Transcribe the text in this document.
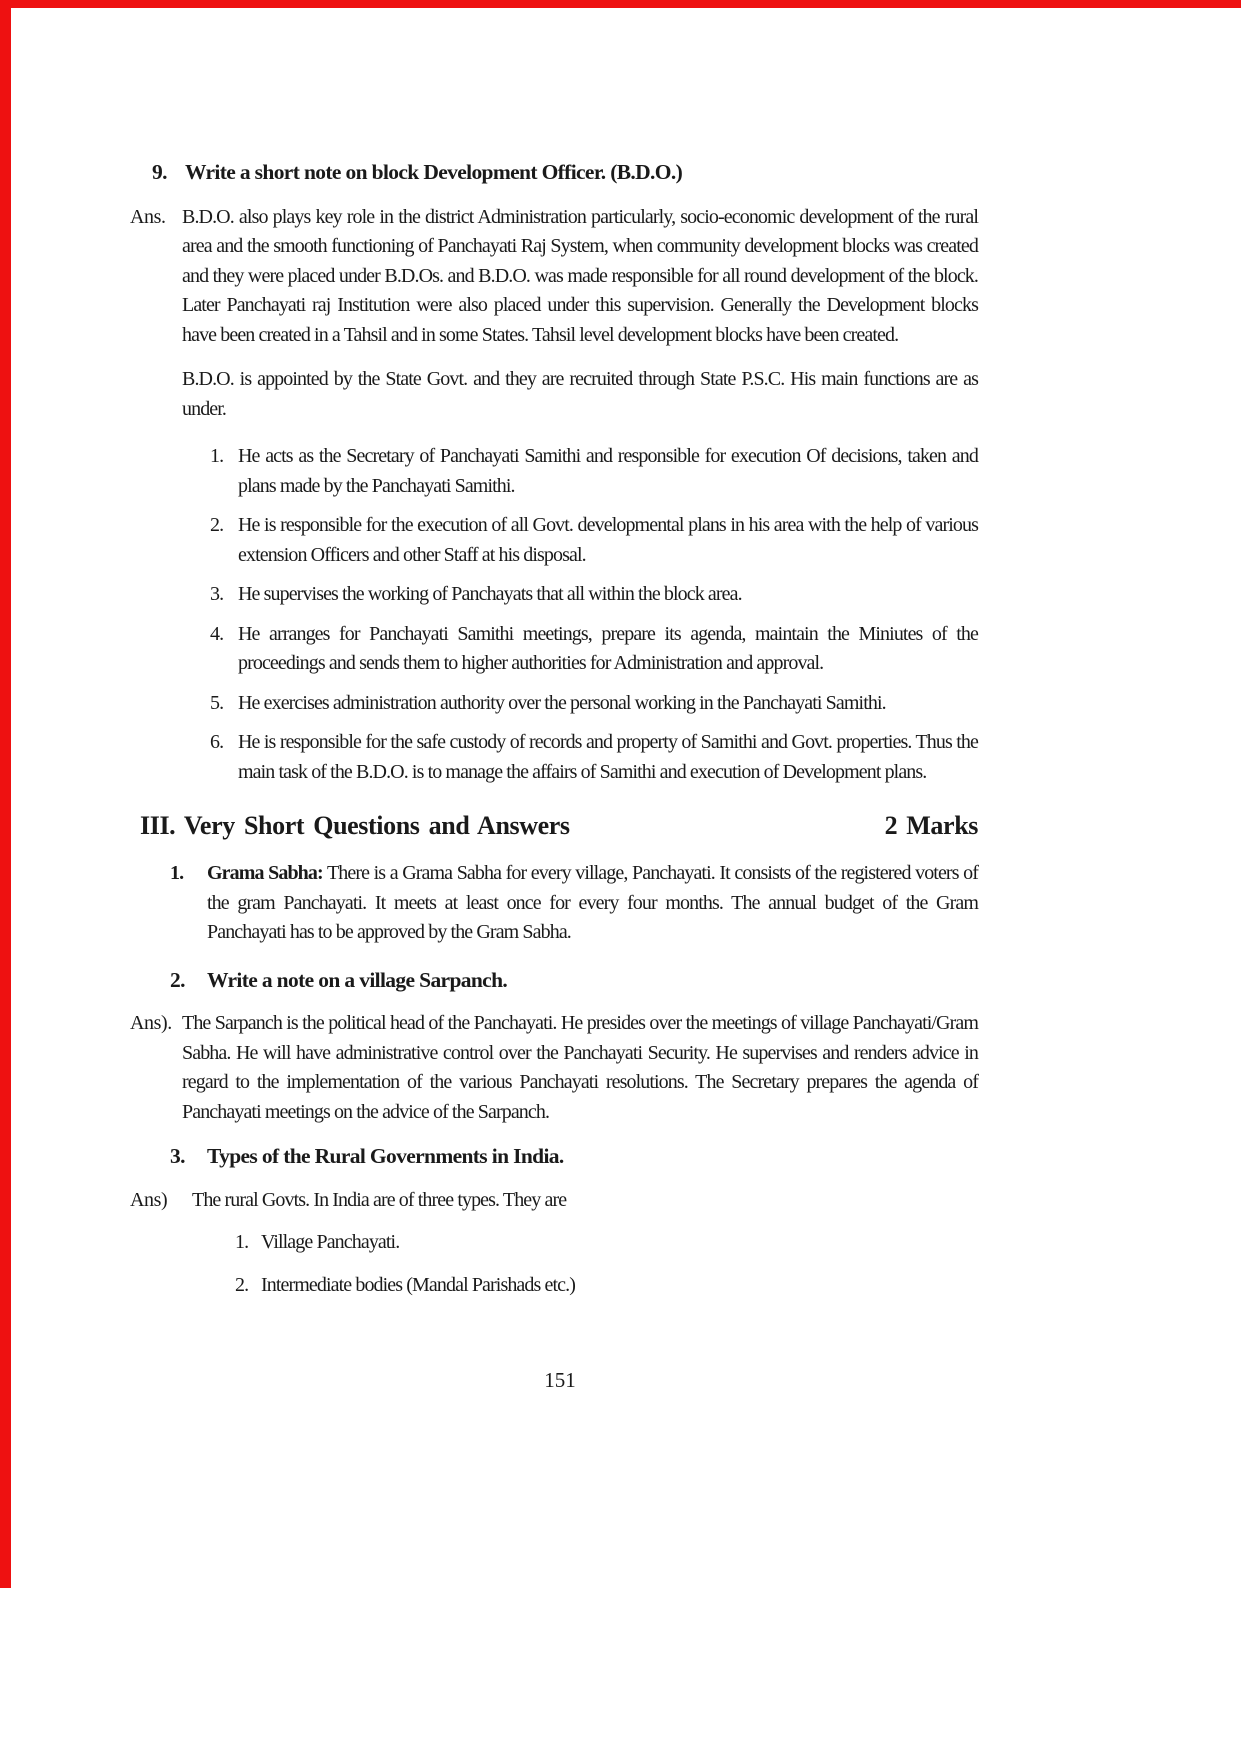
9. Write a short note on block Development Officer. (B.D.O.)

Ans. B.D.O. also plays key role in the district Administration particularly, socio-economic development of the rural area and the smooth functioning of Panchayati Raj System, when community development blocks was created and they were placed under B.D.Os. and B.D.O. was made responsible for all round development of the block. Later Panchayati raj Institution were also placed under this supervision. Generally the Development blocks have been created in a Tahsil and in some States. Tahsil level development blocks have been created.

B.D.O. is appointed by the State Govt. and they are recruited through State P.S.C. His main functions are as under.

1. He acts as the Secretary of Panchayati Samithi and responsible for execution Of decisions, taken and plans made by the Panchayati Samithi.
2. He is responsible for the execution of all Govt. developmental plans in his area with the help of various extension Officers and other Staff at his disposal.
3. He supervises the working of Panchayats that all within the block area.
4. He arranges for Panchayati Samithi meetings, prepare its agenda, maintain the Miniutes of the proceedings and sends them to higher authorities for Administration and approval.
5. He exercises administration authority over the personal working in the Panchayati Samithi.
6. He is responsible for the safe custody of records and property of Samithi and Govt. properties. Thus the main task of the B.D.O. is to manage the affairs of Samithi and execution of Development plans.
III. Very Short Questions and Answers	2 Marks
1. Grama Sabha: There is a Grama Sabha for every village, Panchayati. It consists of the registered voters of the gram Panchayati. It meets at least once for every four months. The annual budget of the Gram Panchayati has to be approved by the Gram Sabha.
2. Write a note on a village Sarpanch.

Ans). The Sarpanch is the political head of the Panchayati. He presides over the meetings of village Panchayati/Gram Sabha. He will have administrative control over the Panchayati Security. He supervises and renders advice in regard to the implementation of the various Panchayati resolutions. The Secretary prepares the agenda of Panchayati meetings on the advice of the Sarpanch.

3. Types of the Rural Governments in India.

Ans) The rural Govts. In India are of three types. They are

1. Village Panchayati.
2. Intermediate bodies (Mandal Parishads etc.)
151
